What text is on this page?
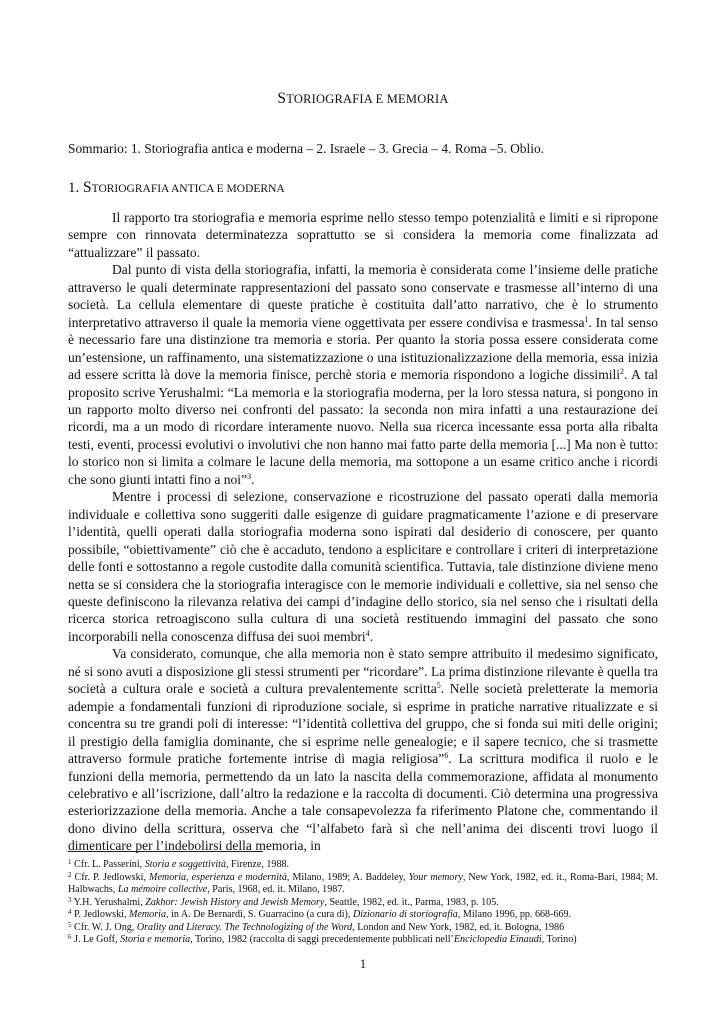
STORIOGRAFIA E MEMORIA
Sommario: 1. Storiografia antica e moderna – 2. Israele – 3. Grecia – 4. Roma –5. Oblio.
1. STORIOGRAFIA ANTICA E MODERNA

Il rapporto tra storiografia e memoria esprime nello stesso tempo potenzialità e limiti e si ripropone sempre con rinnovata determinatezza soprattutto se si considera la memoria come finalizzata ad “attualizzare” il passato.

Dal punto di vista della storiografia, infatti, la memoria è considerata come l’insieme delle pratiche attraverso le quali determinate rappresentazioni del passato sono conservate e trasmesse all’interno di una società. La cellula elementare di queste pratiche è costituita dall’atto narrativo, che è lo strumento interpretativo attraverso il quale la memoria viene oggettivata per essere condivisa e trasmessa$^1$. In tal senso è necessario fare una distinzione tra memoria e storia. Per quanto la storia possa essere considerata come un’estensione, un raffinamento, una sistematizzazione o una istituzionalizzazione della memoria, essa inizia ad essere scritta là dove la memoria finisce, perchè storia e memoria rispondono a logiche dissimili$^2$. A tal proposito scrive Yerushalmi: “La memoria e la storiografia moderna, per la loro stessa natura, si pongono in un rapporto molto diverso nei confronti del passato: la seconda non mira infatti a una restaurazione dei ricordi, ma a un modo di ricordare interamente nuovo. Nella sua ricerca incessante essa porta alla ribalta testi, eventi, processi evolutivi o involutivi che non hanno mai fatto parte della memoria [...] Ma non è tutto: lo storico non si limita a colmare le lacune della memoria, ma sottopone a un esame critico anche i ricordi che sono giunti intatti fino a noi”$^3$.

Mentre i processi di selezione, conservazione e ricostruzione del passato operati dalla memoria individuale e collettiva sono suggeriti dalle esigenze di guidare pragmaticamente l’azione e di preservare l’identità, quelli operati dalla storiografia moderna sono ispirati dal desiderio di conoscere, per quanto possibile, “obiettivamente” ciò che è accaduto, tendono a esplicitare e controllare i criteri di interpretazione delle fonti e sottostanno a regole custodite dalla comunità scientifica. Tuttavia, tale distinzione diviene meno netta se si considera che la storiografia interagisce con le memorie individuali e collettive, sia nel senso che queste definiscono la rilevanza relativa dei campi d’indagine dello storico, sia nel senso che i risultati della ricerca storica retroagiscono sulla cultura di una società restituendo immagini del passato che sono incorporabili nella conoscenza diffusa dei suoi membri$^4$.

Va considerato, comunque, che alla memoria non è stato sempre attribuito il medesimo significato, né si sono avuti a disposizione gli stessi strumenti per “ricordare”. La prima distinzione rilevante è quella tra società a cultura orale e società a cultura prevalentemente scritta$^5$. Nelle società preletterate la memoria adempie a fondamentali funzioni di riproduzione sociale, si esprime in pratiche narrative ritualizzate e si concentra su tre grandi poli di interesse: “l’identità collettiva del gruppo, che si fonda sui miti delle origini; il prestigio della famiglia dominante, che si esprime nelle genealogie; e il sapere tecnico, che si trasmette attraverso formule pratiche fortemente intrise di magia religiosa”$^6$. La scrittura modifica il ruolo e le funzioni della memoria, permettendo da un lato la nascita della commemorazione, affidata al monumento celebrativo e all’iscrizione, dall’altro la redazione e la raccolta di documenti. Ciò determina una progressiva esteriorizzazione della memoria. Anche a tale consapevolezza fa riferimento Platone che, commentando il dono divino della scrittura, osserva che “l’alfabeto farà sì che nell’anima dei discenti trovi luogo il dimenticare per l’indebolirsi della memoria, in

$^1$ Cfr. L. Passerini, Storia e soggettività, Firenze, 1988.
$^2$ Cfr. P. Jedlowski, Memoria, esperienza e modernità, Milano, 1989; A. Baddeley, Your memory, New York, 1982, ed. it., Roma-Bari, 1984; M. Halbwachs, La mémoire collective, Paris, 1968, ed. it. Milano, 1987.
$^3$ Y.H. Yerushalmi, Zakhor: Jewish History and Jewish Memory, Seattle, 1982, ed. it., Parma, 1983, p. 105.
$^4$ P. Jedlowski, Memoria, in A. De Bernardi, S. Guarracino (a cura di), Dizionario di storiografia, Milano 1996, pp. 668-669.
$^5$ Cfr. W. J. Ong, Orality and Literacy. The Technologizing of the Word, London and New York, 1982, ed. it. Bologna, 1986
$^6$ J. Le Goff, Storia e memoria, Torino, 1982 (raccolta di saggi precedentemente pubblicati nell’Enciclopedia Einaudi, Torino)
1
